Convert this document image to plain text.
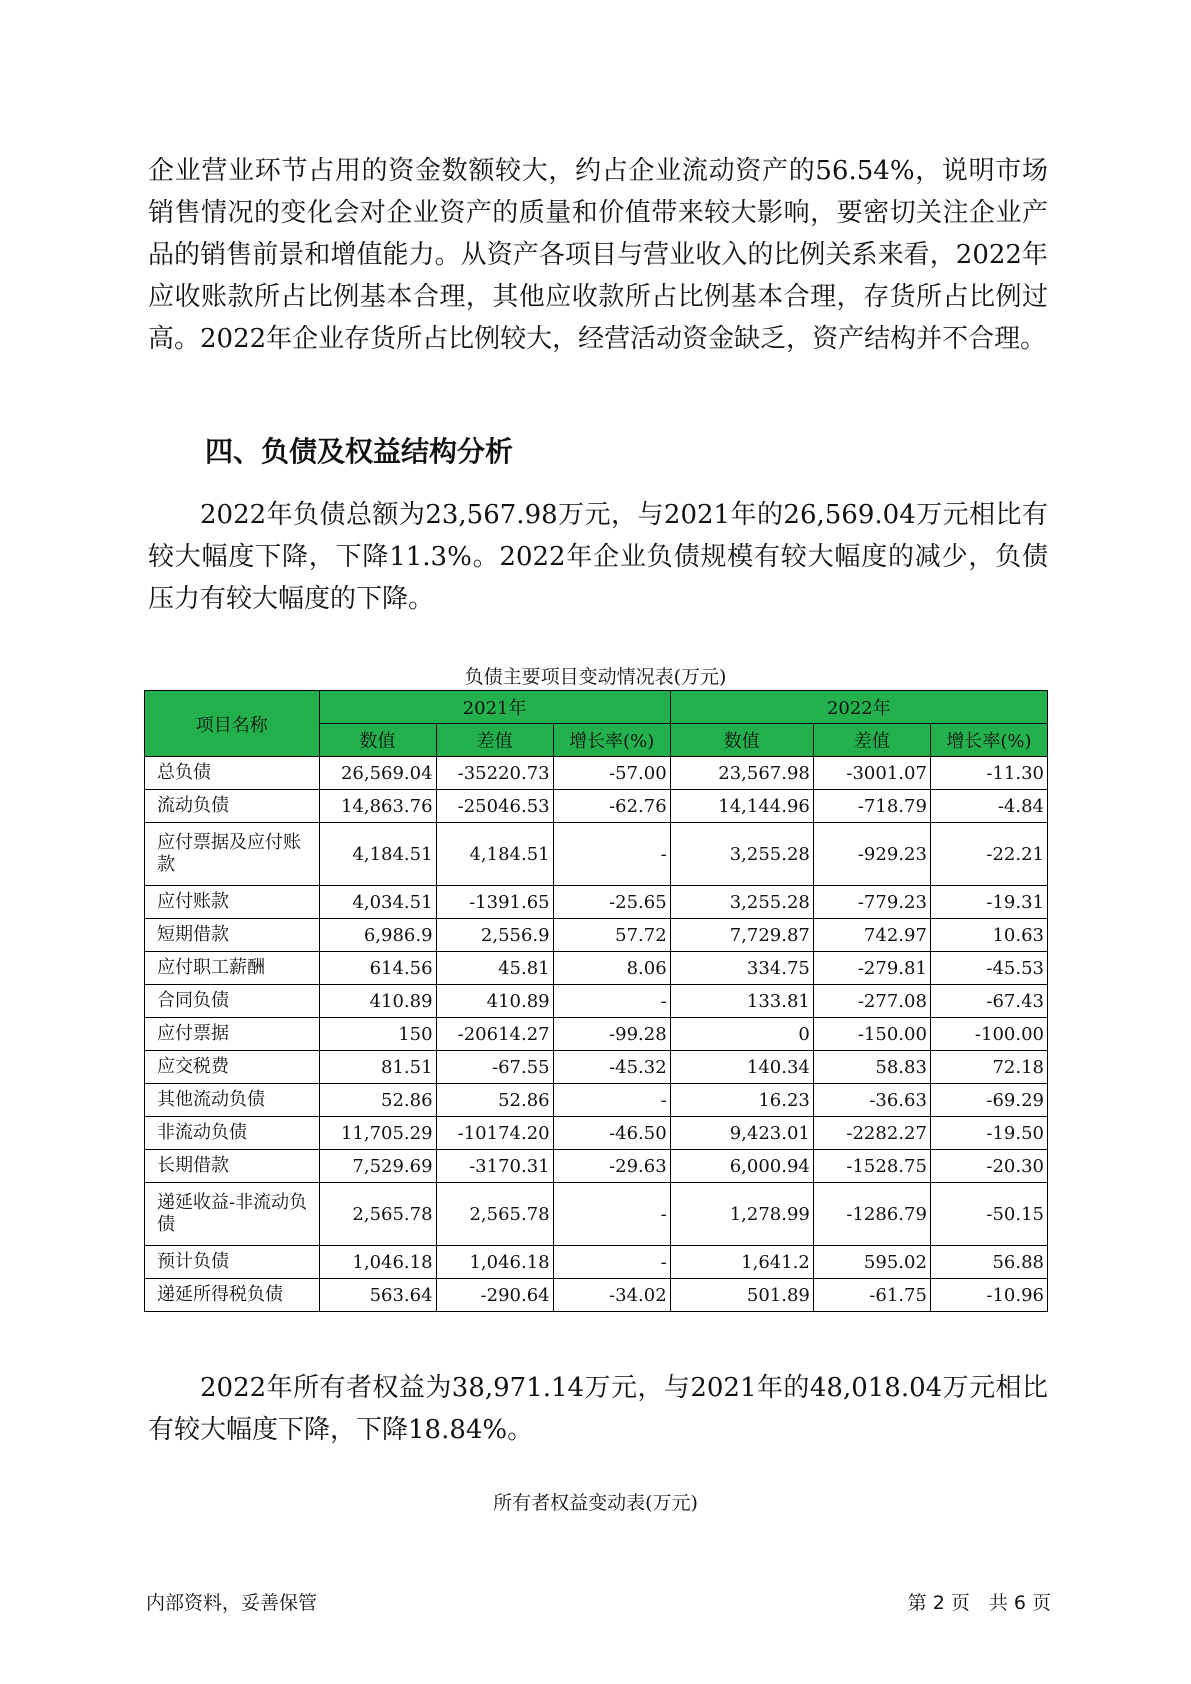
企业营业环节占用的资金数额较大，约占企业流动资产的56.54%，说明市场销售情况的变化会对企业资产的质量和价值带来较大影响，要密切关注企业产品的销售前景和增值能力。从资产各项目与营业收入的比例关系来看，2022年应收账款所占比例基本合理，其他应收款所占比例基本合理，存货所占比例过高。2022年企业存货所占比例较大，经营活动资金缺乏，资产结构并不合理。

四、负债及权益结构分析

2022年负债总额为23,567.98万元，与2021年的26,569.04万元相比有较大幅度下降，下降11.3%。2022年企业负债规模有较大幅度的减少，负债压力有较大幅度的下降。

负债主要项目变动情况表(万元)
项目名称	2021年			2022年		
	数值	差值	增长率(%)	数值	差值	增长率(%)
总负债	26,569.04	-35220.73	-57.00	23,567.98	-3001.07	-11.30
流动负债	14,863.76	-25046.53	-62.76	14,144.96	-718.79	-4.84
应付票据及应付账款	4,184.51	4,184.51	-	3,255.28	-929.23	-22.21
应付账款	4,034.51	-1391.65	-25.65	3,255.28	-779.23	-19.31
短期借款	6,986.9	2,556.9	57.72	7,729.87	742.97	10.63
应付职工薪酬	614.56	45.81	8.06	334.75	-279.81	-45.53
合同负债	410.89	410.89	-	133.81	-277.08	-67.43
应付票据	150	-20614.27	-99.28	0	-150.00	-100.00
应交税费	81.51	-67.55	-45.32	140.34	58.83	72.18
其他流动负债	52.86	52.86	-	16.23	-36.63	-69.29
非流动负债	11,705.29	-10174.20	-46.50	9,423.01	-2282.27	-19.50
长期借款	7,529.69	-3170.31	-29.63	6,000.94	-1528.75	-20.30
递延收益-非流动负债	2,565.78	2,565.78	-	1,278.99	-1286.79	-50.15
预计负债	1,046.18	1,046.18	-	1,641.2	595.02	56.88
递延所得税负债	563.64	-290.64	-34.02	501.89	-61.75	-10.96

2022年所有者权益为38,971.14万元，与2021年的48,018.04万元相比有较大幅度下降，下降18.84%。

所有者权益变动表(万元)
内部资料，妥善保管	第 2 页　共 6 页
